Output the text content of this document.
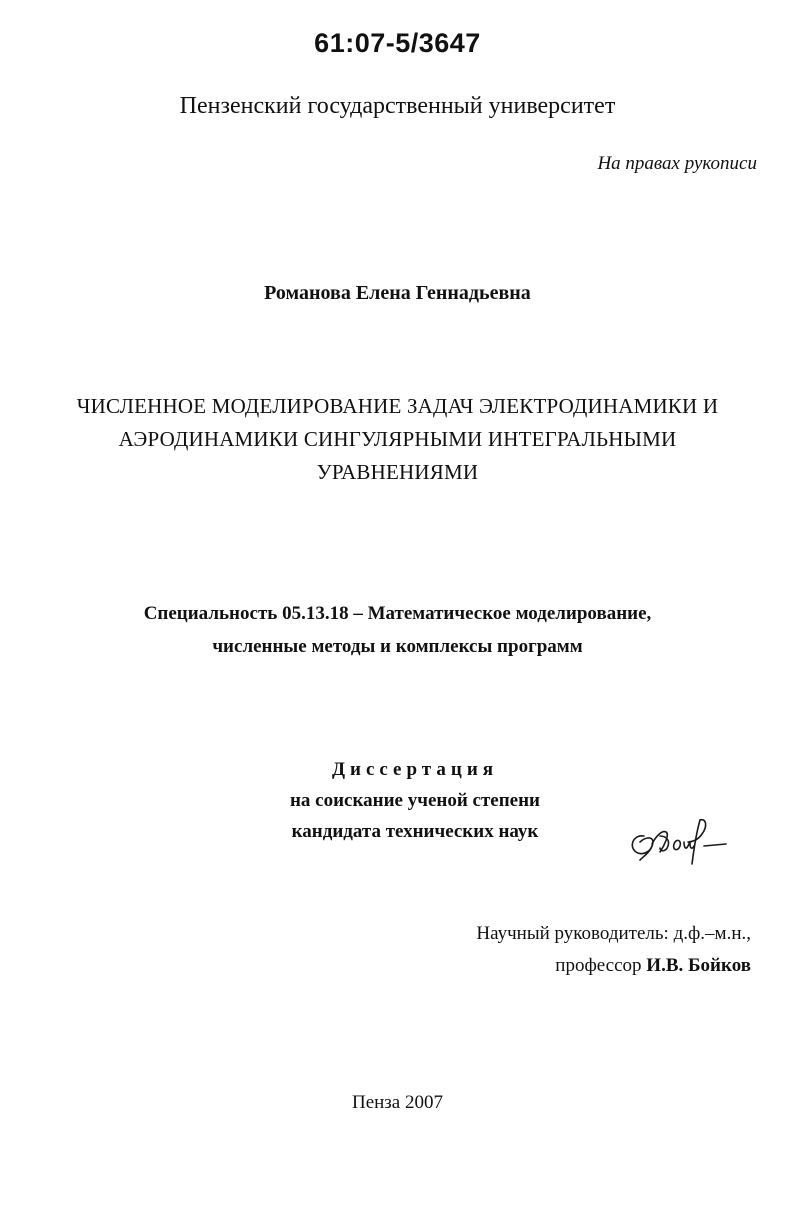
61:07-5/3647
Пензенский государственный университет
На правах рукописи
Романова Елена Геннадьевна
ЧИСЛЕННОЕ МОДЕЛИРОВАНИЕ ЗАДАЧ ЭЛЕКТРОДИНАМИКИ И
АЭРОДИНАМИКИ СИНГУЛЯРНЫМИ ИНТЕГРАЛЬНЫМИ
УРАВНЕНИЯМИ
Специальность 05.13.18 – Математическое моделирование,
численные методы и комплексы программ
Диссертация
на соискание ученой степени
кандидата технических наук
Научный руководитель: д.ф.–м.н.,
профессор И.В. Бойков
Пенза 2007
